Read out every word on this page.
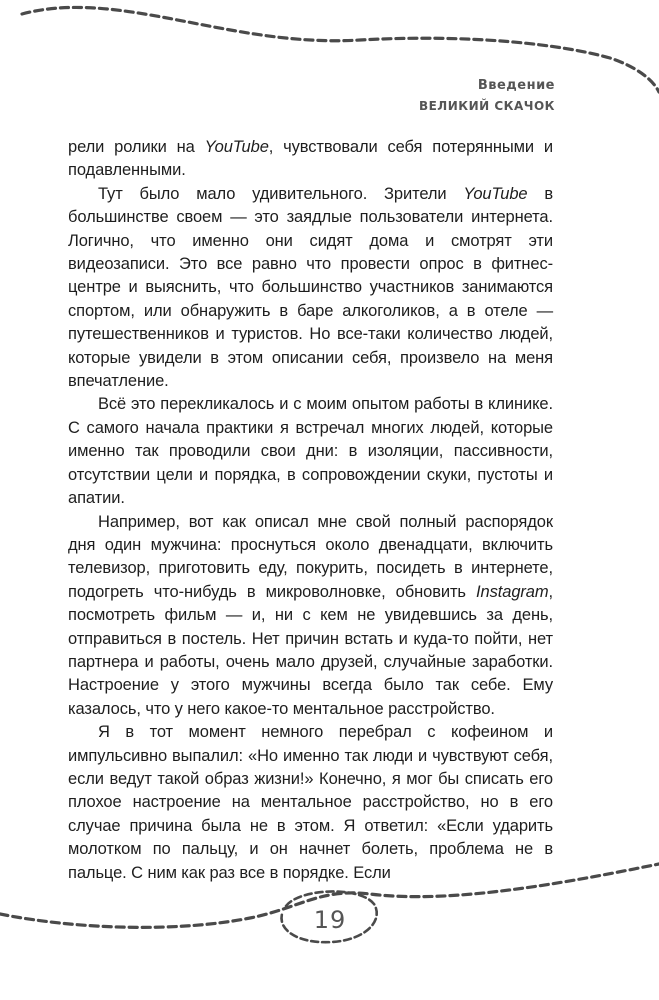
Введение
ВЕЛИКИЙ СКАЧОК

рели ролики на YouTube, чувствовали себя потерянными и подавленными.

Тут было мало удивительного. Зрители YouTube в большинстве своем — это заядлые пользователи интернета. Логично, что именно они сидят дома и смотрят эти видеозаписи. Это все равно что провести опрос в фитнес-центре и выяснить, что большинство участников занимаются спортом, или обнаружить в баре алкоголиков, а в отеле — путешественников и туристов. Но все-таки количество людей, которые увидели в этом описании себя, произвело на меня впечатление.

Всё это перекликалось и с моим опытом работы в клинике. С самого начала практики я встречал многих людей, которые именно так проводили свои дни: в изоляции, пассивности, отсутствии цели и порядка, в сопровождении скуки, пустоты и апатии.

Например, вот как описал мне свой полный распорядок дня один мужчина: проснуться около двенадцати, включить телевизор, приготовить еду, покурить, посидеть в интернете, подогреть что-нибудь в микроволновке, обновить Instagram, посмотреть фильм — и, ни с кем не увидевшись за день, отправиться в постель. Нет причин встать и куда-то пойти, нет партнера и работы, очень мало друзей, случайные заработки. Настроение у этого мужчины всегда было так себе. Ему казалось, что у него какое-то ментальное расстройство.

Я в тот момент немного перебрал с кофеином и импульсивно выпалил: «Но именно так люди и чувствуют себя, если ведут такой образ жизни!» Конечно, я мог бы списать его плохое настроение на ментальное расстройство, но в его случае причина была не в этом. Я ответил: «Если ударить молотком по пальцу, и он начнет болеть, проблема не в пальце. С ним как раз все в порядке. Если

19
